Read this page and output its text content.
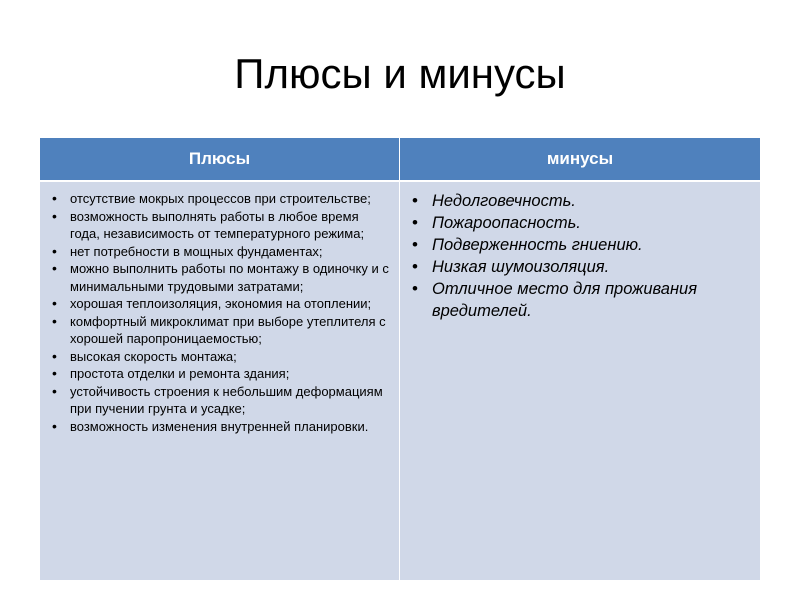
Плюсы и минусы
Плюсы	минусы
• отсутствие мокрых процессов при строительстве;
• возможность выполнять работы в любое время года, независимость от температурного режима;
• нет потребности в мощных фундаментах;
• можно выполнить работы по монтажу в одиночку и с минимальными трудовыми затратами;
• хорошая теплоизоляция, экономия на отоплении;
• комфортный микроклимат при выборе утеплителя с хорошей паропроницаемостью;
• высокая скорость монтажа;
• простота отделки и ремонта здания;
• устойчивость строения к небольшим деформациям при пучении грунта и усадке;
• возможность изменения внутренней планировки.
• Недолговечность.
• Пожароопасность.
• Подверженность гниению.
• Низкая шумоизоляция.
• Отличное место для проживания вредителей.
